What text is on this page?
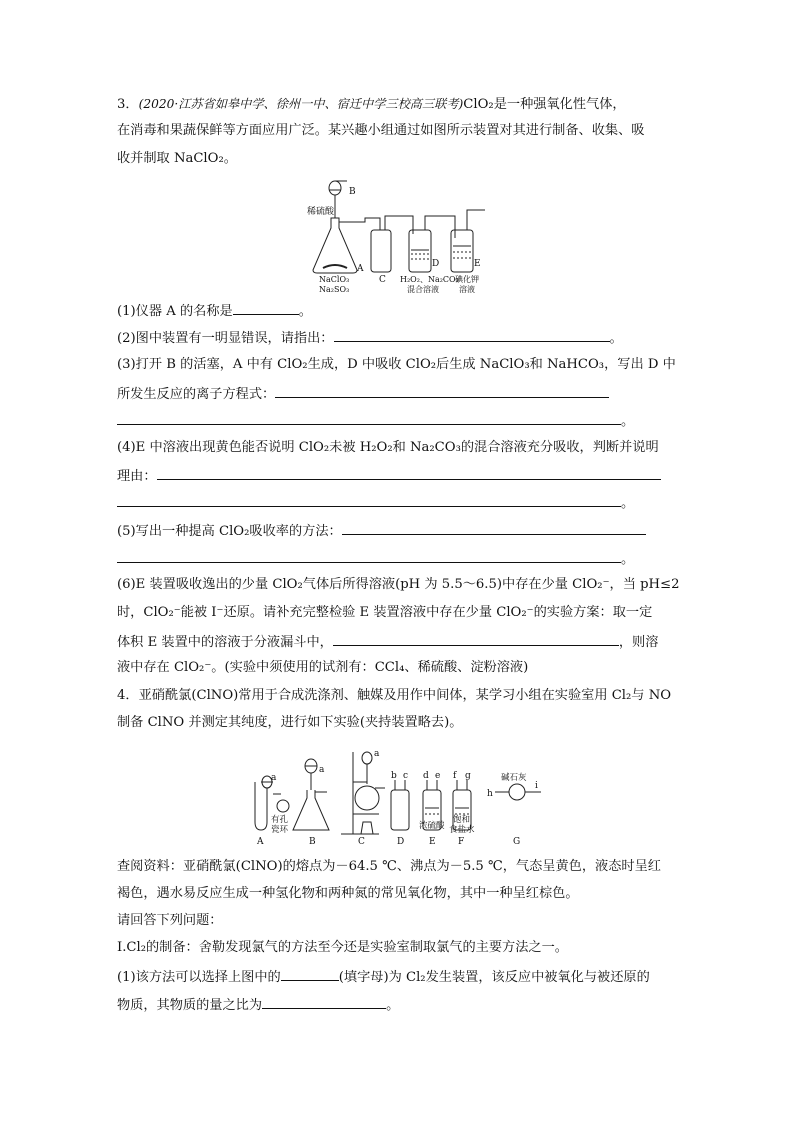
3．(2020·江苏省如皋中学、徐州一中、宿迁中学三校高三联考)ClO₂是一种强氧化性气体，
在消毒和果蔬保鲜等方面应用广泛。某兴趣小组通过如图所示装置对其进行制备、收集、吸
收并制取 NaClO₂。
B
稀硫酸
A
NaClO₃
Na₂SO₃
C
D
H₂O₂、Na₂CO₃
混合溶液
E
碘化钾
溶液
(1)仪器 A 的名称是	。
(2)图中装置有一明显错误，请指出：	。
(3)打开 B 的活塞，A 中有 ClO₂生成，D 中吸收 ClO₂后生成 NaClO₃和 NaHCO₃，写出 D 中
所发生反应的离子方程式：
。
(4)E 中溶液出现黄色能否说明 ClO₂未被 H₂O₂和 Na₂CO₃的混合溶液充分吸收，判断并说明
理由：
。
(5)写出一种提高 ClO₂吸收率的方法：
。
(6)E 装置吸收逸出的少量 ClO₂气体后所得溶液(pH 为 5.5～6.5)中存在少量 ClO₂⁻，当 pH≤2
时，ClO₂⁻能被 I⁻还原。请补充完整检验 E 装置溶液中存在少量 ClO₂⁻的实验方案：取一定
体积 E 装置中的溶液于分液漏斗中，	，则溶
液中存在 ClO₂⁻。(实验中须使用的试剂有：CCl₄、稀硫酸、淀粉溶液)
4．亚硝酰氯(ClNO)常用于合成洗涤剂、触媒及用作中间体，某学习小组在实验室用 Cl₂与 NO
制备 ClNO 并测定其纯度，进行如下实验(夹持装置略去)。
a
有孔
瓷环
A
a
B
a
C
b c
D
d e
浓硫酸
E
f g
饱和
食盐水
F
碱石灰
h
i
G
查阅资料：亚硝酰氯(ClNO)的熔点为－64.5 ℃、沸点为－5.5 ℃，气态呈黄色，液态时呈红
褐色，遇水易反应生成一种氢化物和两种氮的常见氧化物，其中一种呈红棕色。
请回答下列问题：
Ⅰ.Cl₂的制备：舍勒发现氯气的方法至今还是实验室制取氯气的主要方法之一。
(1)该方法可以选择上图中的	(填字母)为 Cl₂发生装置，该反应中被氧化与被还原的
物质，其物质的量之比为	。
